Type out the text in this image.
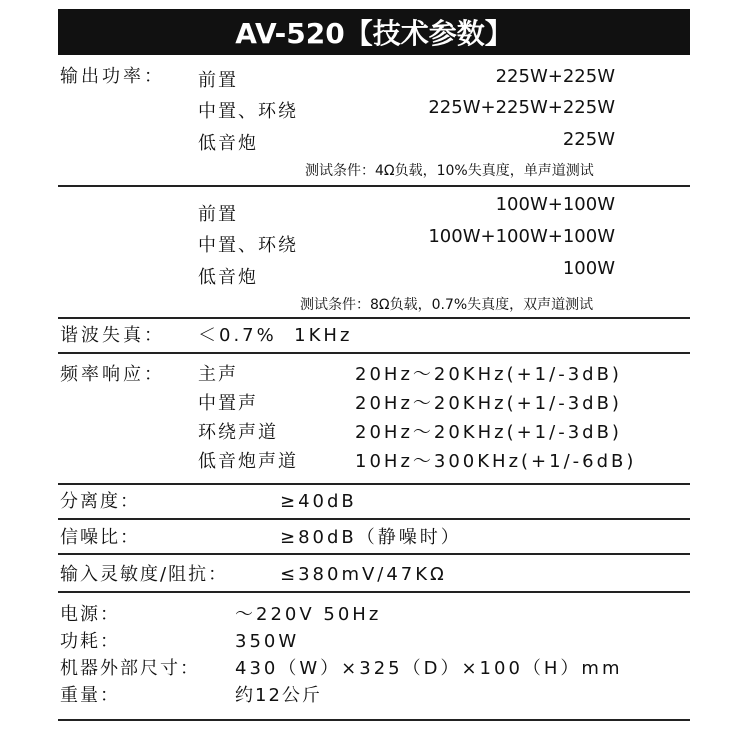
AV-520【技术参数】
输出功率： 前置	225W+225W
中置、环绕	225W+225W+225W
低音炮	225W
测试条件：4Ω负载，10%失真度，单声道测试
前置	100W+100W
中置、环绕	100W+100W+100W
低音炮	100W
测试条件：8Ω负载，0.7%失真度，双声道测试
谐波失真： ＜0.7%  1KHz
频率响应： 主声	20Hz～20KHz(+1/-3dB)
中置声	20Hz～20KHz(+1/-3dB)
环绕声道	20Hz～20KHz(+1/-3dB)
低音炮声道	10Hz～300KHz(+1/-6dB)
分离度：	≥40dB
信噪比：	≥80dB（静噪时）
输入灵敏度/阻抗：	≤380mV/47KΩ
电源：	～220V 50Hz
功耗：	350W
机器外部尺寸： 430（W）×325（D）×100（H）mm
重量：	约12公斤
